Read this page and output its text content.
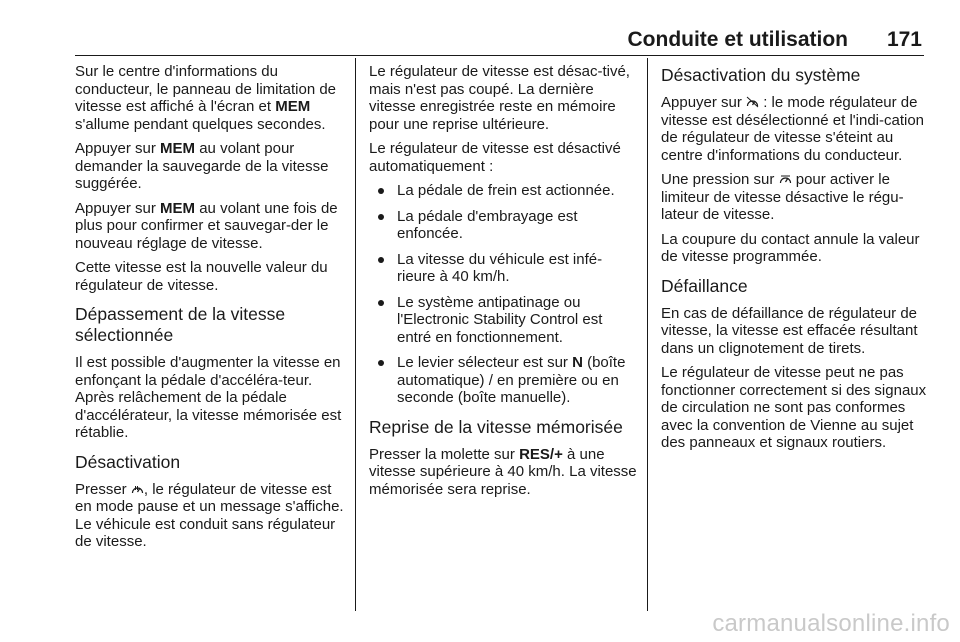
Conduite et utilisation 171

Sur le centre d'informations du conducteur, le panneau de limitation de vitesse est affiché à l'écran et MEM s'allume pendant quelques secondes.

Appuyer sur MEM au volant pour demander la sauvegarde de la vitesse suggérée.

Appuyer sur MEM au volant une fois de plus pour confirmer et sauvegar‐der le nouveau réglage de vitesse.

Cette vitesse est la nouvelle valeur du régulateur de vitesse.

Dépassement de la vitesse sélectionnée

Il est possible d'augmenter la vitesse en enfonçant la pédale d'accéléra‐teur. Après relâchement de la pédale d'accélérateur, la vitesse mémorisée est rétablie.

Désactivation

Presser
, le régulateur de vitesse est en mode pause et un message s'affiche. Le véhicule est conduit sans régulateur de vitesse.

Le régulateur de vitesse est désac‐tivé, mais n'est pas coupé. La dernière vitesse enregistrée reste en mémoire pour une reprise ultérieure.

Le régulateur de vitesse est désactivé automatiquement :

La pédale de frein est actionnée.
La pédale d'embrayage est enfoncée.
La vitesse du véhicule est infé‐rieure à 40 km/h.
Le système antipatinage ou l'Electronic Stability Control est entré en fonctionnement.
Le levier sélecteur est sur N (boîte automatique) / en première ou en seconde (boîte manuelle).
Reprise de la vitesse mémorisée

Presser la molette sur RES/+ à une vitesse supérieure à 40 km/h. La vitesse mémorisée sera reprise.

Désactivation du système

Appuyer sur
: le mode régulateur de vitesse est désélectionné et l'indi‐cation de régulateur de vitesse s'éteint au centre d'informations du conducteur.

Une pression sur
pour activer le limiteur de vitesse désactive le régu‐lateur de vitesse.

La coupure du contact annule la valeur de vitesse programmée.

Défaillance

En cas de défaillance de régulateur de vitesse, la vitesse est effacée résultant dans un clignotement de tirets.

Le régulateur de vitesse peut ne pas fonctionner correctement si des signaux de circulation ne sont pas conformes avec la convention de Vienne au sujet des panneaux et signaux routiers.

carmanualsonline.info
